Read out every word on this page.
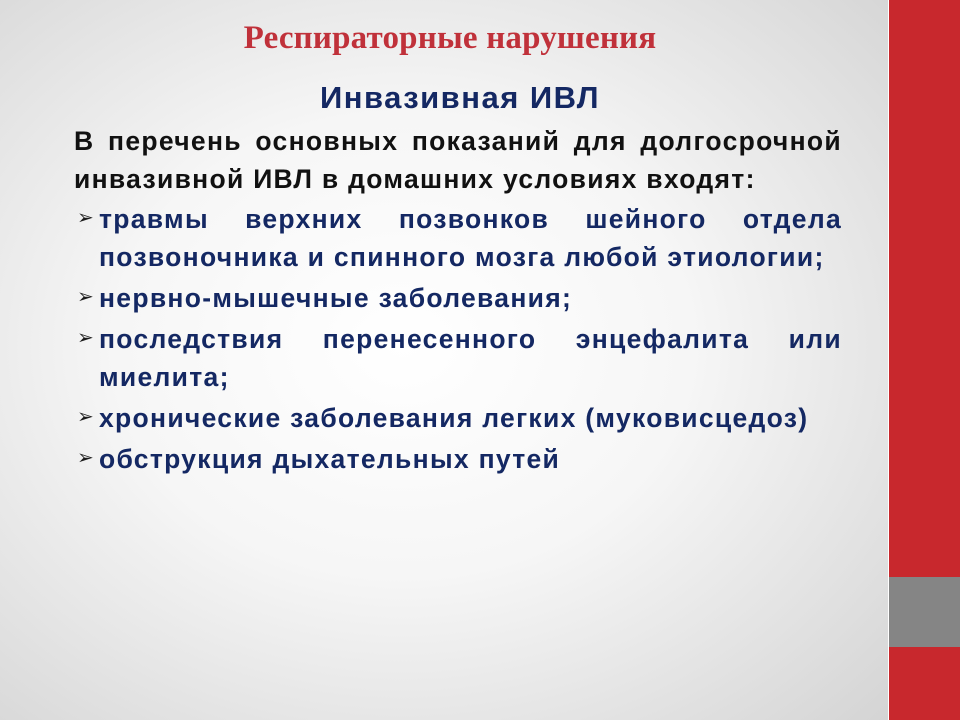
Респираторные нарушения
Инвазивная ИВЛ

В перечень основных показаний для долгосрочной инвазивной ИВЛ в домашних условиях входят:

➢ травмы верхних позвонков шейного отдела позвоночника и спинного мозга любой этиологии;
➢ нервно-мышечные заболевания;
➢ последствия перенесенного энцефалита или миелита;
➢ хронические заболевания легких (муковисцедоз)
➢ обструкция дыхательных путей
